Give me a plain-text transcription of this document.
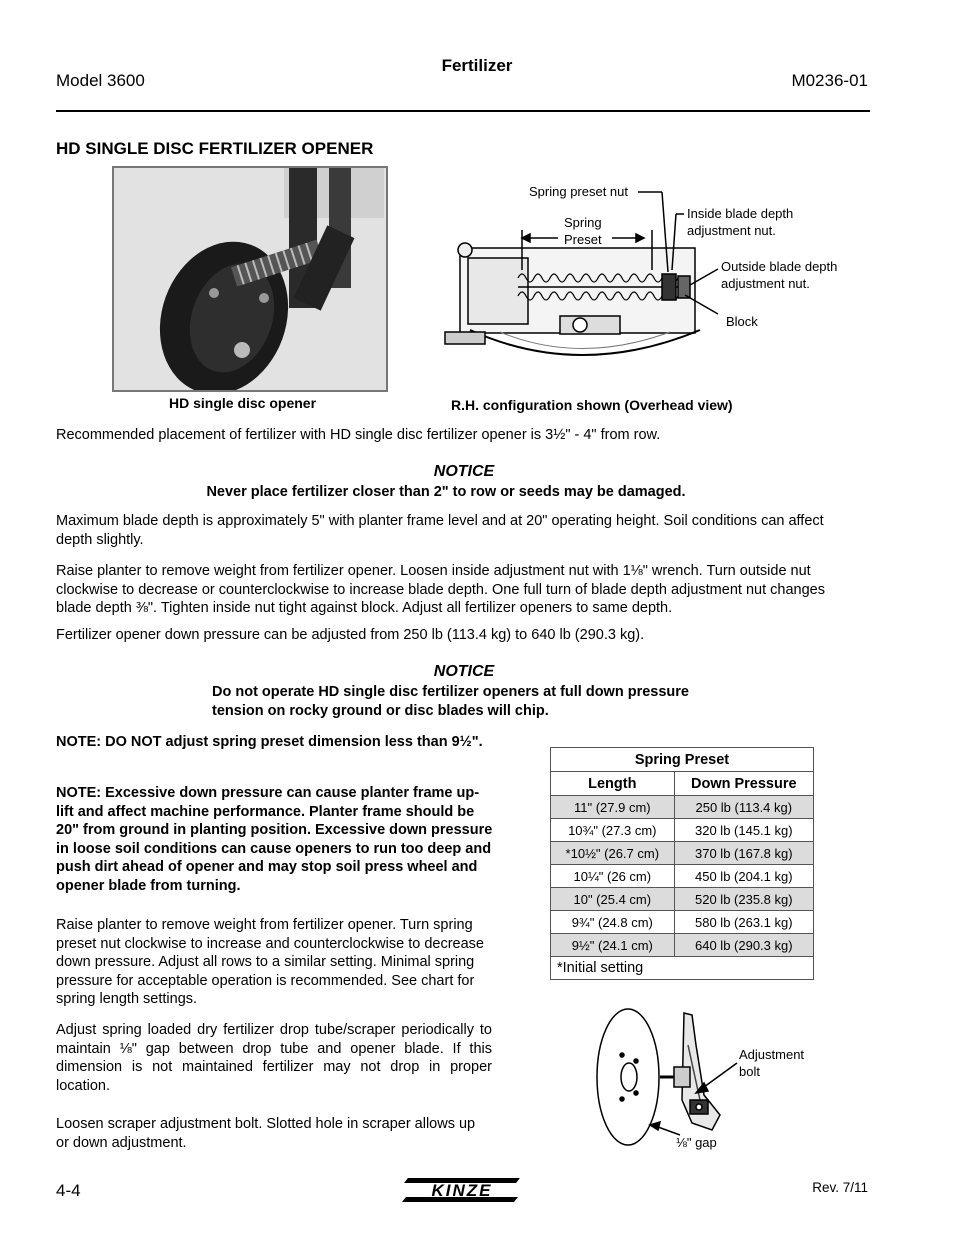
Model 3600
Fertilizer
M0236-01
HD SINGLE DISC FERTILIZER OPENER
HD single disc opener
Spring preset nut
Spring
Preset
Inside blade depth
adjustment nut.
Outside blade depth
adjustment nut.
Block
R.H. configuration shown (Overhead view)
Recommended placement of fertilizer with HD single disc fertilizer opener is 3½" - 4" from row.
NOTICE
Never place fertilizer closer than 2" to row or seeds may be damaged.
Maximum blade depth is approximately 5" with planter frame level and at 20" operating height. Soil conditions can affect depth slightly.
Raise planter to remove weight from fertilizer opener. Loosen inside adjustment nut with 1⅛" wrench. Turn outside nut clockwise to decrease or counterclockwise to increase blade depth. One full turn of blade depth adjustment nut changes blade depth ⅜". Tighten inside nut tight against block. Adjust all fertilizer openers to same depth.
Fertilizer opener down pressure can be adjusted from 250 lb (113.4 kg) to 640 lb (290.3 kg).
NOTICE
Do not operate HD single disc fertilizer openers at full down pressure
tension on rocky ground or disc blades will chip.
NOTE: DO NOT adjust spring preset dimension less than 9½".
NOTE: Excessive down pressure can cause planter frame up-lift and affect machine performance. Planter frame should be 20" from ground in planting position. Excessive down pressure in loose soil conditions can cause openers to run too deep and push dirt ahead of opener and may stop soil press wheel and opener blade from turning.
Raise planter to remove weight from fertilizer opener. Turn spring preset nut clockwise to increase and counterclockwise to decrease down pressure. Adjust all rows to a similar setting. Minimal spring pressure for acceptable operation is recommended. See chart for spring length settings.
Adjust spring loaded dry fertilizer drop tube/scraper periodically to maintain ⅛" gap between drop tube and opener blade. If this dimension is not maintained fertilizer may not drop in proper location.
Loosen scraper adjustment bolt. Slotted hole in scraper allows up or down adjustment.
Spring Preset	
Length	Down Pressure
11" (27.9 cm)	250 lb (113.4 kg)
10¾" (27.3 cm)	320 lb (145.1 kg)
*10½" (26.7 cm)	370 lb (167.8 kg)
10¼" (26 cm)	450 lb (204.1 kg)
10" (25.4 cm)	520 lb (235.8 kg)
9¾" (24.8 cm)	580 lb (263.1 kg)
9½" (24.1 cm)	640 lb (290.3 kg)
*Initial setting	
Adjustment
bolt
⅛" gap
4-4	KINZE	Rev. 7/11
